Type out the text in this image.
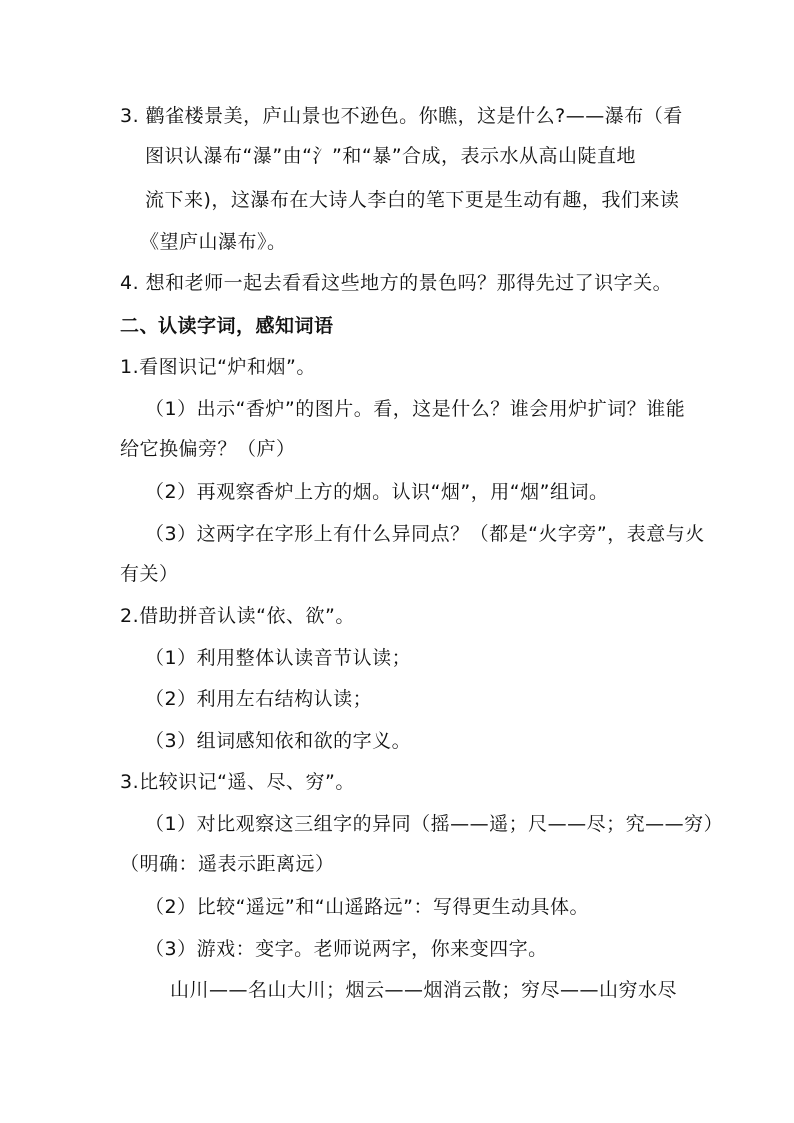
3. 鹳雀楼景美，庐山景也不逊色。你瞧，这是什么?——瀑布（看
图识认瀑布“瀑”由“氵”和“暴”合成，表示水从高山陡直地
流下来)，这瀑布在大诗人李白的笔下更是生动有趣，我们来读
《望庐山瀑布》。
4. 想和老师一起去看看这些地方的景色吗？那得先过了识字关。
二、认读字词，感知词语
1.看图识记“炉和烟”。
（1）出示“香炉”的图片。看，这是什么？谁会用炉扩词？谁能
给它换偏旁？（庐）
（2）再观察香炉上方的烟。认识“烟”，用“烟”组词。
（3）这两字在字形上有什么异同点？（都是“火字旁”，表意与火
有关）
2.借助拼音认读“依、欲”。
（1）利用整体认读音节认读；
（2）利用左右结构认读；
（3）组词感知依和欲的字义。
3.比较识记“遥、尽、穷”。
（1）对比观察这三组字的异同（摇——遥；尺——尽；究——穷）
（明确：遥表示距离远）
（2）比较“遥远”和“山遥路远”：写得更生动具体。
（3）游戏：变字。老师说两字，你来变四字。
山川——名山大川；烟云——烟消云散；穷尽——山穷水尽
